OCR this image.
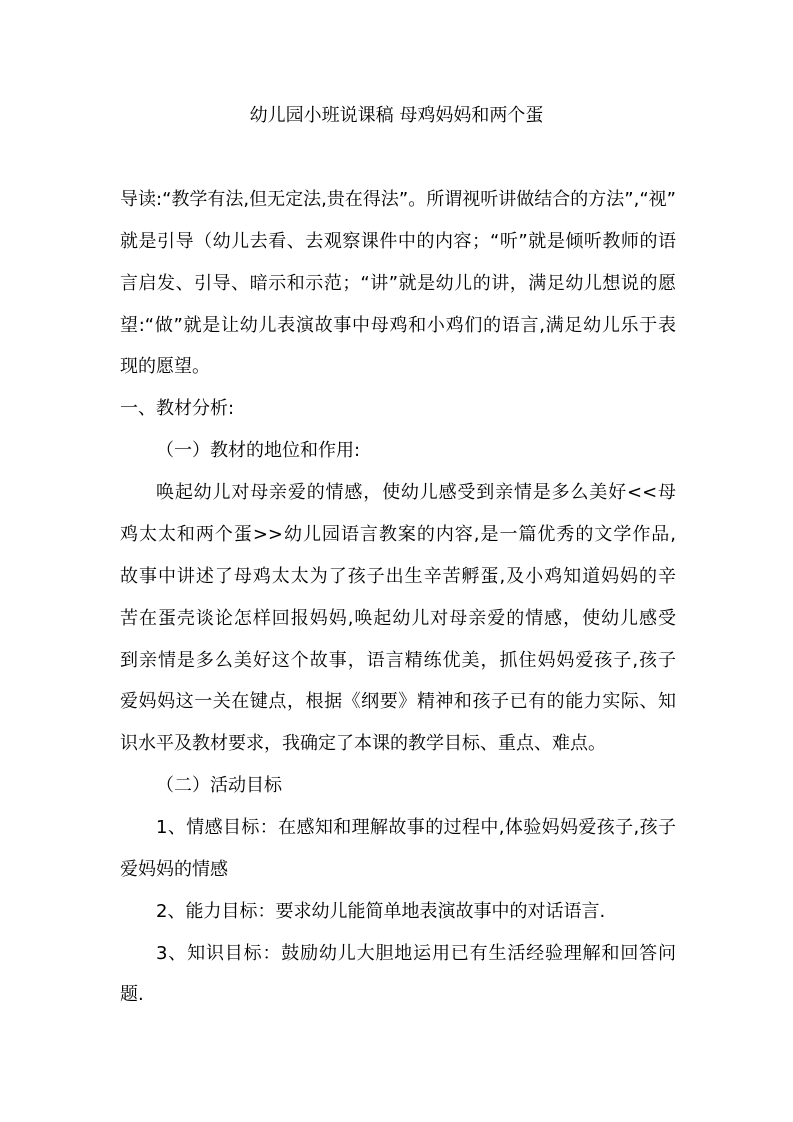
幼儿园小班说课稿 母鸡妈妈和两个蛋
导读:“教学有法,但无定法,贵在得法”。所谓视听讲做结合的方法”,“视”
就是引导（幼儿去看、去观察课件中的内容；“听”就是倾听教师的语
言启发、引导、暗示和示范；“讲”就是幼儿的讲，满足幼儿想说的愿
望:“做”就是让幼儿表演故事中母鸡和小鸡们的语言,满足幼儿乐于表
现的愿望。
一、教材分析:
（一）教材的地位和作用:
唤起幼儿对母亲爱的情感，使幼儿感受到亲情是多么美好<<母
鸡太太和两个蛋>>幼儿园语言教案的内容,是一篇优秀的文学作品,
故事中讲述了母鸡太太为了孩子出生辛苦孵蛋,及小鸡知道妈妈的辛
苦在蛋壳谈论怎样回报妈妈,唤起幼儿对母亲爱的情感，使幼儿感受
到亲情是多么美好这个故事，语言精练优美，抓住妈妈爱孩子,孩子
爱妈妈这一关在键点，根据《纲要》精神和孩子已有的能力实际、知
识水平及教材要求，我确定了本课的教学目标、重点、难点。
（二）活动目标
1、情感目标：在感知和理解故事的过程中,体验妈妈爱孩子,孩子
爱妈妈的情感
2、能力目标：要求幼儿能简单地表演故事中的对话语言.
3、知识目标：鼓励幼儿大胆地运用已有生活经验理解和回答问
题.
